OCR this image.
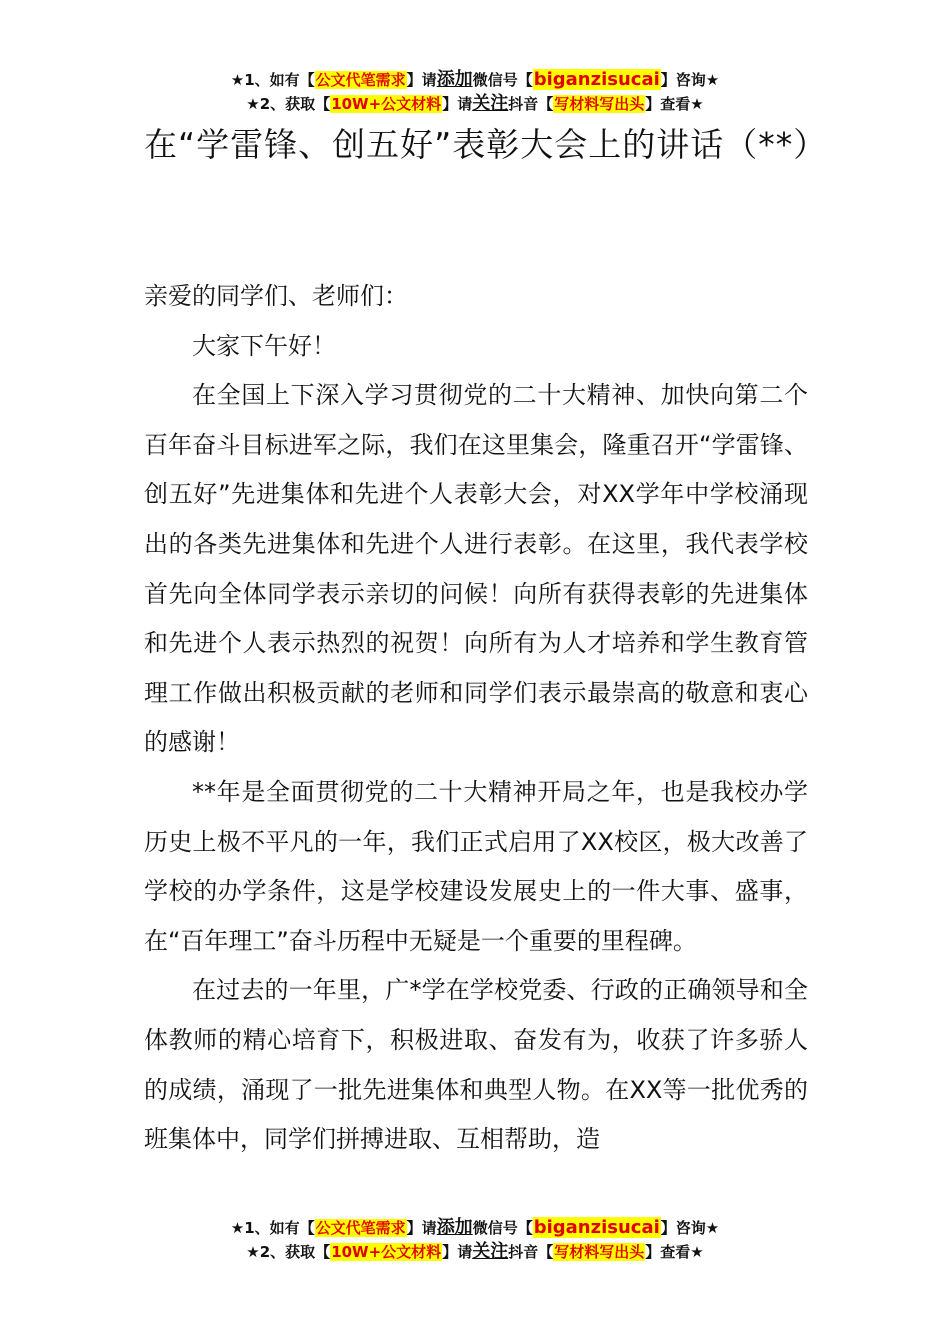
★1、如有【公文代笔需求】请添加微信号【biganzisucai】咨询★
★2、获取【10W+公文材料】请关注抖音【写材料写出头】查看★
在“学雷锋、创五好”表彰大会上的讲话（**）

亲爱的同学们、老师们：

大家下午好！

在全国上下深入学习贯彻党的二十大精神、加快向第二个百年奋斗目标进军之际，我们在这里集会，隆重召开“学雷锋、创五好”先进集体和先进个人表彰大会，对XX学年中学校涌现出的各类先进集体和先进个人进行表彰。在这里，我代表学校首先向全体同学表示亲切的问候！向所有获得表彰的先进集体和先进个人表示热烈的祝贺！向所有为人才培养和学生教育管理工作做出积极贡献的老师和同学们表示最崇高的敬意和衷心的感谢！

**年是全面贯彻党的二十大精神开局之年，也是我校办学历史上极不平凡的一年，我们正式启用了XX校区，极大改善了学校的办学条件，这是学校建设发展史上的一件大事、盛事，在“百年理工”奋斗历程中无疑是一个重要的里程碑。

在过去的一年里，广*学在学校党委、行政的正确领导和全体教师的精心培育下，积极进取、奋发有为，收获了许多骄人的成绩，涌现了一批先进集体和典型人物。在XX等一批优秀的班集体中，同学们拼搏进取、互相帮助，造

★1、如有【公文代笔需求】请添加微信号【biganzisucai】咨询★
★2、获取【10W+公文材料】请关注抖音【写材料写出头】查看★
